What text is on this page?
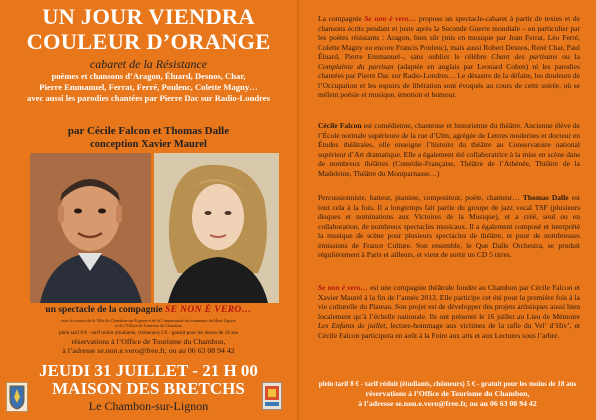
UN JOUR VIENDRA
COULEUR D’ORANGE
cabaret de la Résistance
poèmes et chansons d’Aragon, Éluard, Desnos, Char,
Pierre Emmanuel, Ferrat, Ferré, Poulenc, Colette Magny…
avec aussi les parodies chantées par Pierre Dac sur Radio-Londres
par Cécile Falcon et Thomas Dalle
conception Xavier Maurel
un spectacle de la compagnie SE NON È VERO…
avec le soutien de la Ville du Chambon-sur-Lignon et de la Communauté de communes du Haut-Lignon
et de l’Office de Tourisme du Chambon
plein tarif 8 € - tarif réduit (étudiants, chômeurs) 5 € - gratuit pour les moins de 18 ans
réservations à l’Office de Tourisme du Chambon,
à l’adresse se.non.e.vero@free.fr, ou au 06 63 08 94 42
JEUDI 31 JUILLET - 21 H 00
MAISON DES BRETCHS
Le Chambon-sur-Lignon
La compagnie Se non è vero… propose un spectacle-cabaret à partir de textes et de chansons écrits pendant et juste après la Seconde Guerre mondiale – en particulier par les poètes résistants : Aragon, bien sûr (mis en musique par Jean Ferrat, Léo Ferré, Colette Magny ou encore Francis Poulenc), mais aussi Robert Desnos, René Char, Paul Éluard, Pierre Emmanuel–, sans oublier le célèbre Chant des partisans ou la Complainte du partisan (adaptée en anglais par Leonard Cohen) ni les parodies chantées par Pierre Dac sur Radio-Londres… Le désastre de la défaite, les douleurs de l’Occupation et les espoirs de libération sont évoqués au cours de cette soirée, où se mêlent poésie et musique, émotion et humour.
Cécile Falcon est comédienne, chanteuse et historienne du théâtre. Ancienne élève de l’École normale supérieure de la rue d’Ulm, agrégée de Lettres modernes et docteur en Études théâtrales, elle enseigne l’histoire du théâtre au Conservatoire national supérieur d’Art dramatique. Elle a également été collaboratrice à la mise en scène dans de nombreux théâtres (Comédie-Française, Théâtre de l’Athénée, Théâtre de la Madeleine, Théâtre du Montparnasse…)
Percussionniste, batteur, pianiste, compositeur, poète, chanteur… Thomas Dalle est tout cela à la fois. Il a longtemps fait partie du groupe de jazz vocal TSF (plusieurs disques et nominations aux Victoires de la Musique), et a créé, seul ou en collaboration, de nombreux spectacles musicaux. Il a également composé et interprété la musique de scène pour plusieurs spectacles de théâtre, et pour de nombreuses émissions de France Culture. Son ensemble, le Que Dalle Orchestra, se produit régulièrement à Paris et ailleurs, et vient de sortir un CD 5 titres.
Se non è vero… est une compagnie théâtrale fondée au Chambon par Cécile Falcon et Xavier Maurel à la fin de l’année 2013. Elle participe cet été pour la première fois à la vie culturelle du Plateau. Son projet est de développer des projets artistiques aussi bien localement qu’à l’échelle nationale. Ils ont présenté le 16 juillet au Lieu de Mémoire Les Enfants de juillet, lecture-hommage aux victimes de la rafle du Vel’ d’Hiv’, et Cécile Falcon participera en août à la Foire aux arts et aux Lectures sous l’arbre.
plein tarif 8 € - tarif réduit (étudiants, chômeurs) 5 € - gratuit pour les moins de 18 ans
réservations à l’Office de Tourisme du Chambon,
à l’adresse se.non.e.vero@free.fr, ou au 06 63 08 94 42
